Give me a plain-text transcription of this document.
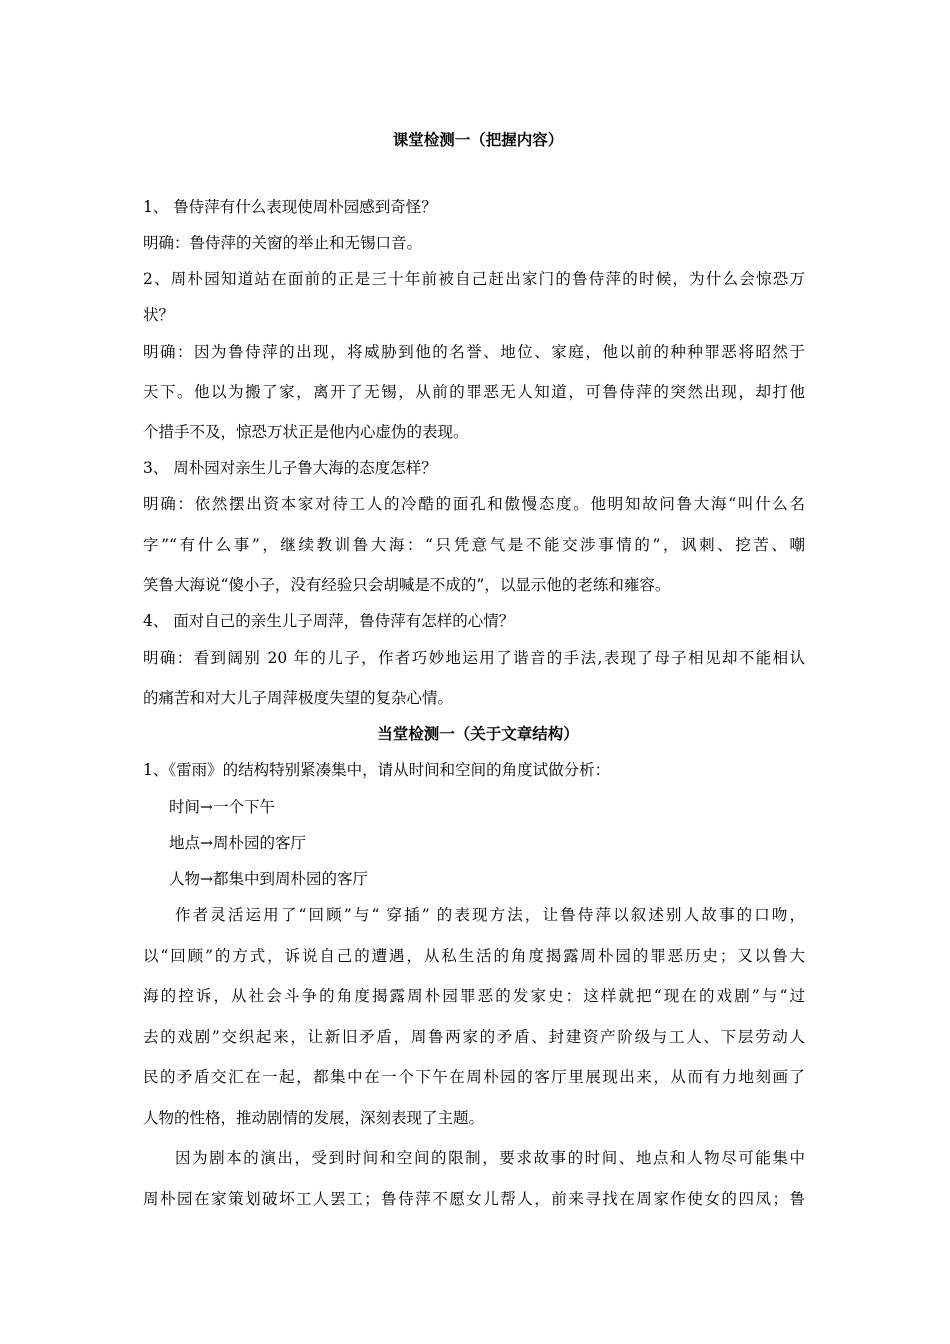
课堂检测一（把握内容）
1、 鲁侍萍有什么表现使周朴园感到奇怪？
明确：鲁侍萍的关窗的举止和无锡口音。
2、周朴园知道站在面前的正是三十年前被自己赶出家门的鲁侍萍的时候，为什么会惊恐万
状？
明确：因为鲁侍萍的出现，将威胁到他的名誉、地位、家庭，他以前的种种罪恶将昭然于
天下。他以为搬了家，离开了无锡，从前的罪恶无人知道，可鲁侍萍的突然出现，却打他
个措手不及，惊恐万状正是他内心虚伪的表现。
3、 周朴园对亲生儿子鲁大海的态度怎样？
明确：依然摆出资本家对待工人的冷酷的面孔和傲慢态度。他明知故问鲁大海“叫什么名
字”“有什么事”，继续教训鲁大海：“只凭意气是不能交涉事情的”，讽刺、挖苦、嘲
笑鲁大海说“傻小子，没有经验只会胡喊是不成的”，以显示他的老练和雍容。
4、 面对自己的亲生儿子周萍，鲁侍萍有怎样的心情？
明确：看到阔别 20 年的儿子，作者巧妙地运用了谐音的手法,表现了母子相见却不能相认
的痛苦和对大儿子周萍极度失望的复杂心情。
当堂检测一（关于文章结构）
1、《雷雨》的结构特别紧凑集中，请从时间和空间的角度试做分析：
时间→一个下午
地点→周朴园的客厅
人物→都集中到周朴园的客厅
作者灵活运用了“回顾”与“ 穿插” 的表现方法，让鲁侍萍以叙述别人故事的口吻，
以“回顾”的方式，诉说自己的遭遇，从私生活的角度揭露周朴园的罪恶历史；又以鲁大
海的控诉，从社会斗争的角度揭露周朴园罪恶的发家史：这样就把“现在的戏剧”与“过
去的戏剧”交织起来，让新旧矛盾，周鲁两家的矛盾、封建资产阶级与工人、下层劳动人
民的矛盾交汇在一起，都集中在一个下午在周朴园的客厅里展现出来，从而有力地刻画了
人物的性格，推动剧情的发展，深刻表现了主题。
因为剧本的演出，受到时间和空间的限制，要求故事的时间、地点和人物尽可能集中
周朴园在家策划破坏工人罢工；鲁侍萍不愿女儿帮人，前来寻找在周家作使女的四凤；鲁
